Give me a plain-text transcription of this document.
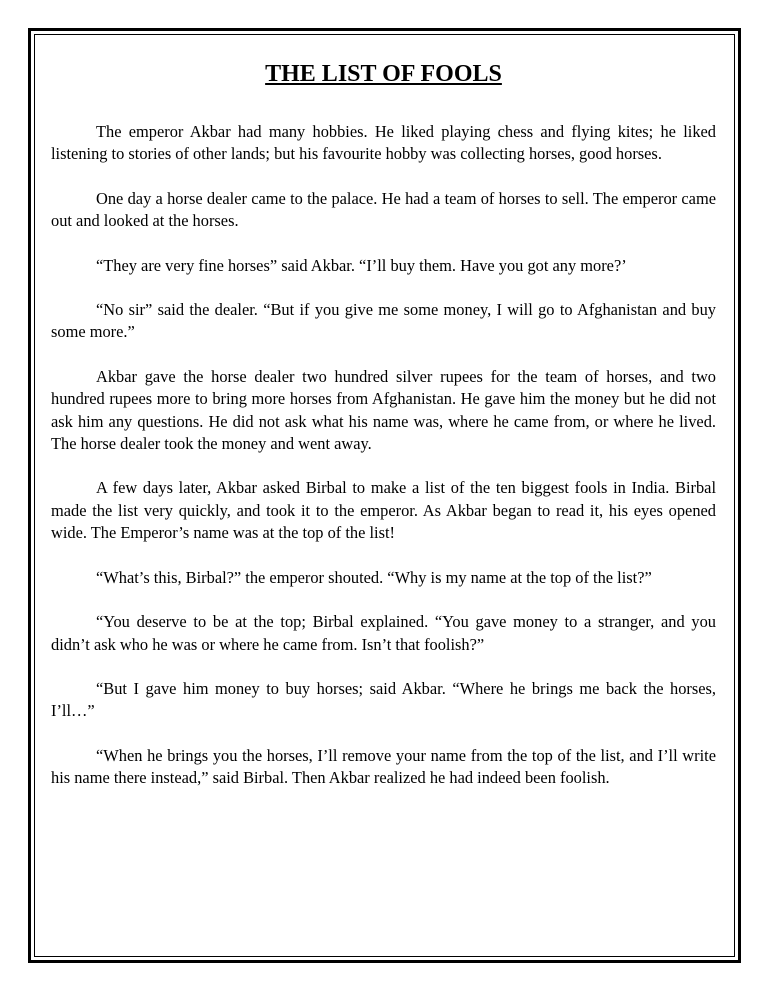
THE LIST OF FOOLS

The emperor Akbar had many hobbies. He liked playing chess and flying kites; he liked listening to stories of other lands; but his favourite hobby was collecting horses, good horses.

One day a horse dealer came to the palace. He had a team of horses to sell. The emperor came out and looked at the horses.

“They are very fine horses” said Akbar. “I’ll buy them. Have you got any more?’

“No sir” said the dealer. “But if you give me some money, I will go to Afghanistan and buy some more.”

Akbar gave the horse dealer two hundred silver rupees for the team of horses, and two hundred rupees more to bring more horses from Afghanistan. He gave him the money but he did not ask him any questions. He did not ask what his name was, where he came from, or where he lived. The horse dealer took the money and went away.

A few days later, Akbar asked Birbal to make a list of the ten biggest fools in India. Birbal made the list very quickly, and took it to the emperor. As Akbar began to read it, his eyes opened wide. The Emperor’s name was at the top of the list!

“What’s this, Birbal?” the emperor shouted. “Why is my name at the top of the list?”

“You deserve to be at the top; Birbal explained. “You gave money to a stranger, and you didn’t ask who he was or where he came from. Isn’t that foolish?”

“But I gave him money to buy horses; said Akbar. “Where he brings me back the horses, I’ll…”

“When he brings you the horses, I’ll remove your name from the top of the list, and I’ll write his name there instead,” said Birbal. Then Akbar realized he had indeed been foolish.
